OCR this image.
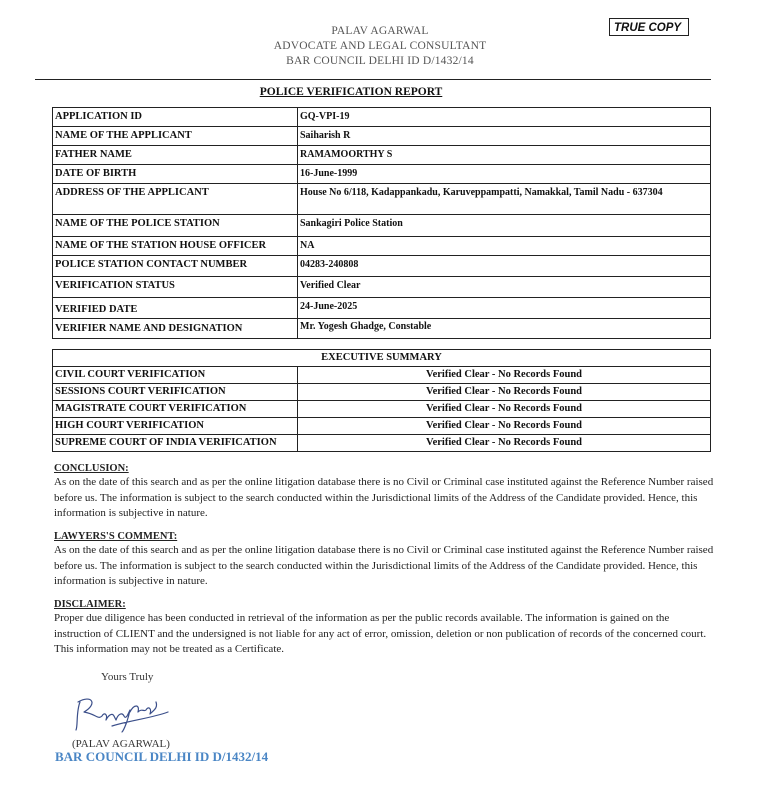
PALAV AGARWAL
ADVOCATE AND LEGAL CONSULTANT
BAR COUNCIL DELHI ID D/1432/14
TRUE COPY
POLICE VERIFICATION REPORT
APPLICATION ID	GQ-VPI-19
NAME OF THE APPLICANT	Saiharish R
FATHER NAME	RAMAMOORTHY S
DATE OF BIRTH	16-June-1999
ADDRESS OF THE APPLICANT	House No 6/118, Kadappankadu, Karuveppampatti, Namakkal, Tamil Nadu - 637304
NAME OF THE POLICE STATION	Sankagiri Police Station
NAME OF THE STATION HOUSE OFFICER	NA
POLICE STATION CONTACT NUMBER	04283-240808
VERIFICATION STATUS	Verified Clear
VERIFIED DATE	24-June-2025
VERIFIER NAME AND DESIGNATION	Mr. Yogesh Ghadge, Constable
EXECUTIVE SUMMARY	
CIVIL COURT VERIFICATION	Verified Clear - No Records Found
SESSIONS COURT VERIFICATION	Verified Clear - No Records Found
MAGISTRATE COURT VERIFICATION	Verified Clear - No Records Found
HIGH COURT VERIFICATION	Verified Clear - No Records Found
SUPREME COURT OF INDIA VERIFICATION	Verified Clear - No Records Found
CONCLUSION:

As on the date of this search and as per the online litigation database there is no Civil or Criminal case instituted against the Reference Number raised before us. The information is subject to the search conducted within the Jurisdictional limits of the Address of the Candidate provided. Hence, this information is subjective in nature.

LAWYERS'S COMMENT:

As on the date of this search and as per the online litigation database there is no Civil or Criminal case instituted against the Reference Number raised before us. The information is subject to the search conducted within the Jurisdictional limits of the Address of the Candidate provided. Hence, this information is subjective in nature.

DISCLAIMER:

Proper due diligence has been conducted in retrieval of the information as per the public records available. The information is gained on the instruction of CLIENT and the undersigned is not liable for any act of error, omission, deletion or non publication of records of the concerned court. This information may not be treated as a Certificate.

Yours Truly
(PALAV AGARWAL)
BAR COUNCIL DELHI ID D/1432/14
